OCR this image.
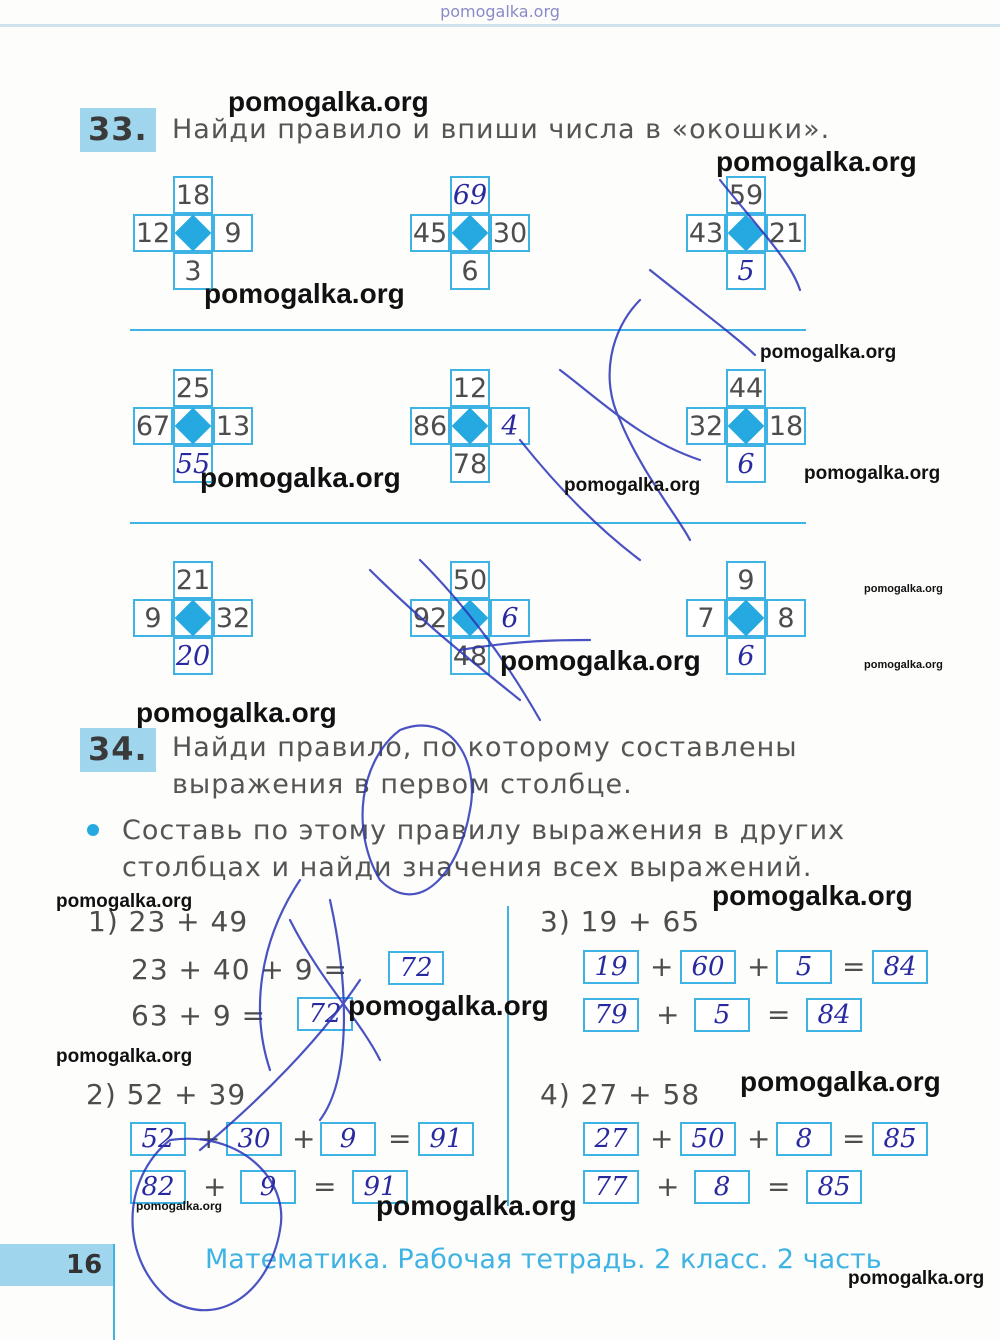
pomogalka.org
33. Найди правило и впиши числа в «окошки».
18
12	9
3
69
45 30
6
59
43 21
5
25
67 13
55
12
86	4
78
44
32 18
6
21
9	32
20
50
92	6
48
9
7	8
6
34. Найди правило, по которому составлены
выражения в первом столбце.
Составь по этому правилу выражения в других
столбцах и найди значения всех выражений.
1) 23 + 49
23 + 40 + 9 =	72
63 + 9 =	72
2) 52 + 39
52 + 30 + 9	= 91
82	+	9	=	91
3) 19 + 65
19 + 60 + 5	= 84
79	+	5	=	84
4) 27 + 58
27 + 50 + 8	= 85
77	+	8	=	85
16	Математика. Рабочая тетрадь. 2 класс. 2 часть
pomogalka.org
pomogalka.org
pomogalka.org
pomogalka.org
pomogalka.org	pomogalka.org
pomogalka.org
pomogalka.org
pomogalka.org	pomogalka.org
pomogalka.org
pomogalka.org	pomogalka.org
pomogalka.org
pomogalka.org
pomogalka.org
pomogalka.org	pomogalka.org
pomogalka.org
